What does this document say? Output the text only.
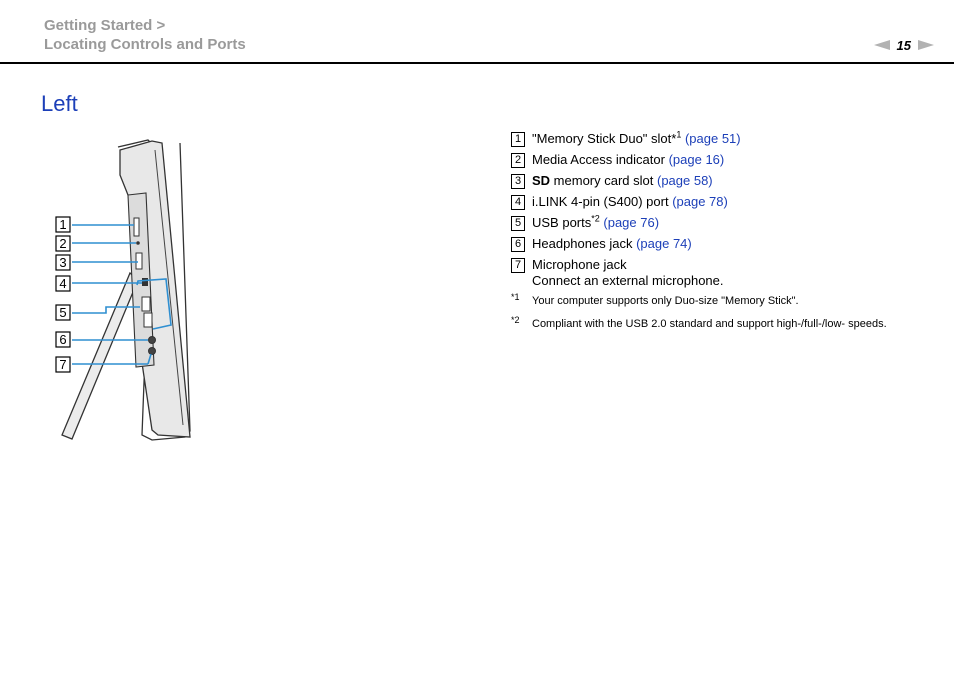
Getting Started >
Locating Controls and Ports	15
Left
1
2
3
4
5
6
7
1 "Memory Stick Duo" slot*$^1$ (page 51)
2 Media Access indicator (page 16)
3 SD memory card slot (page 58)
4 i.LINK 4-pin (S400) port (page 78)
5 USB ports$^{*2}$ (page 76)
6 Headphones jack (page 74)
7 Microphone jack
Connect an external microphone.
*1	Your computer supports only Duo-size "Memory Stick".
*2	Compliant with the USB 2.0 standard and support high-/full-/low- speeds.
